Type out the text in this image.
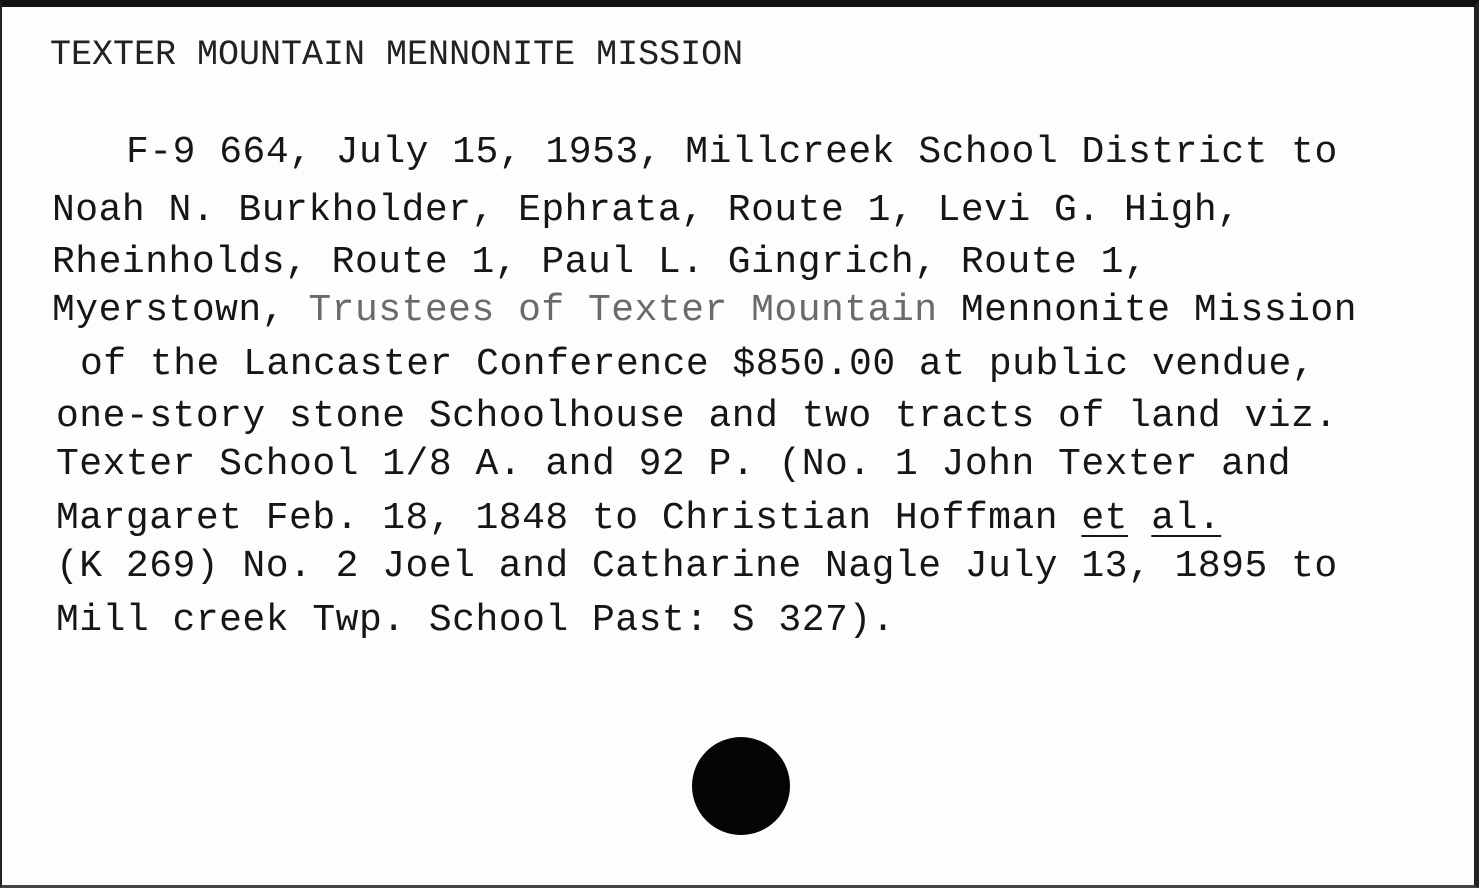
TEXTER MOUNTAIN MENNONITE MISSION
F-9 664, July 15, 1953, Millcreek School District to
Noah N. Burkholder, Ephrata, Route 1, Levi G. High,
Rheinholds, Route 1, Paul L. Gingrich, Route 1,
Myerstown, Trustees of Texter Mountain Mennonite Mission
of the Lancaster Conference $850.00 at public vendue,
one-story stone Schoolhouse and two tracts of land viz.
Texter School 1/8 A. and 92 P. (No. 1 John Texter and
Margaret Feb. 18, 1848 to Christian Hoffman et al.
(K 269) No. 2 Joel and Catharine Nagle July 13, 1895 to
Mill creek Twp. School Past: S 327).
